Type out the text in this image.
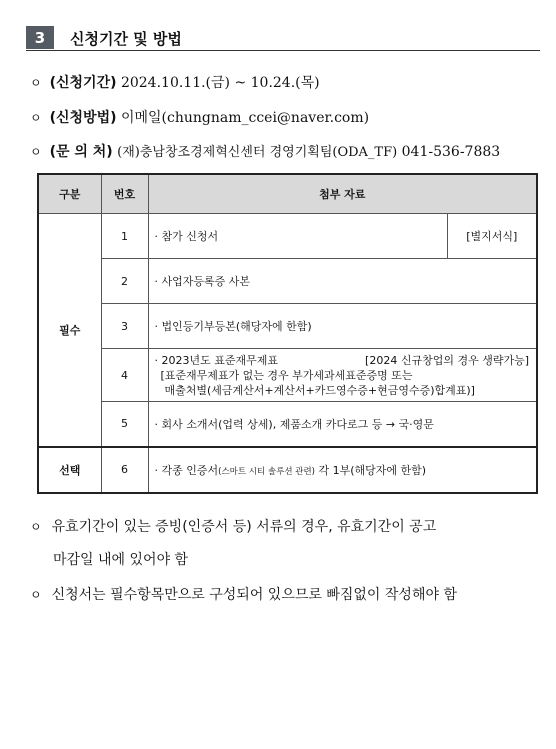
3	신청기간 및 방법
ㅇ (신청기간) 2024.10.11.(금) ~ 10.24.(목)
ㅇ (신청방법) 이메일(chungnam_ccei@naver.com)
ㅇ (문 의 처) (재)충남창조경제혁신센터 경영기획팀(ODA_TF) 041-536-7883
구분	번호	첨부 자료	
필수	1	· 참가 신청서	[별지서식]
	2	· 사업자등록증 사본	
	3	· 법인등기부등본(해당자에 한함)	
	4	· 2023년도 표준재무제표 [2024 신규창업의 경우 생략가능]
[표준재무제표가 없는 경우 부가세과세표준증명 또는
매출처별(세금계산서+계산서+카드영수증+현금영수증)합계표)]	

	5	· 회사 소개서(업력 상세), 제품소개 카다로그 등 → 국·영문	
선택	6	· 각종 인증서(스마트 시티 솔루션 관련) 각 1부(해당자에 한함)	
ㅇ 유효기간이 있는 증빙(인증서 등) 서류의 경우, 유효기간이 공고
마감일 내에 있어야 함
ㅇ 신청서는 필수항목만으로 구성되어 있으므로 빠짐없이 작성해야 함
